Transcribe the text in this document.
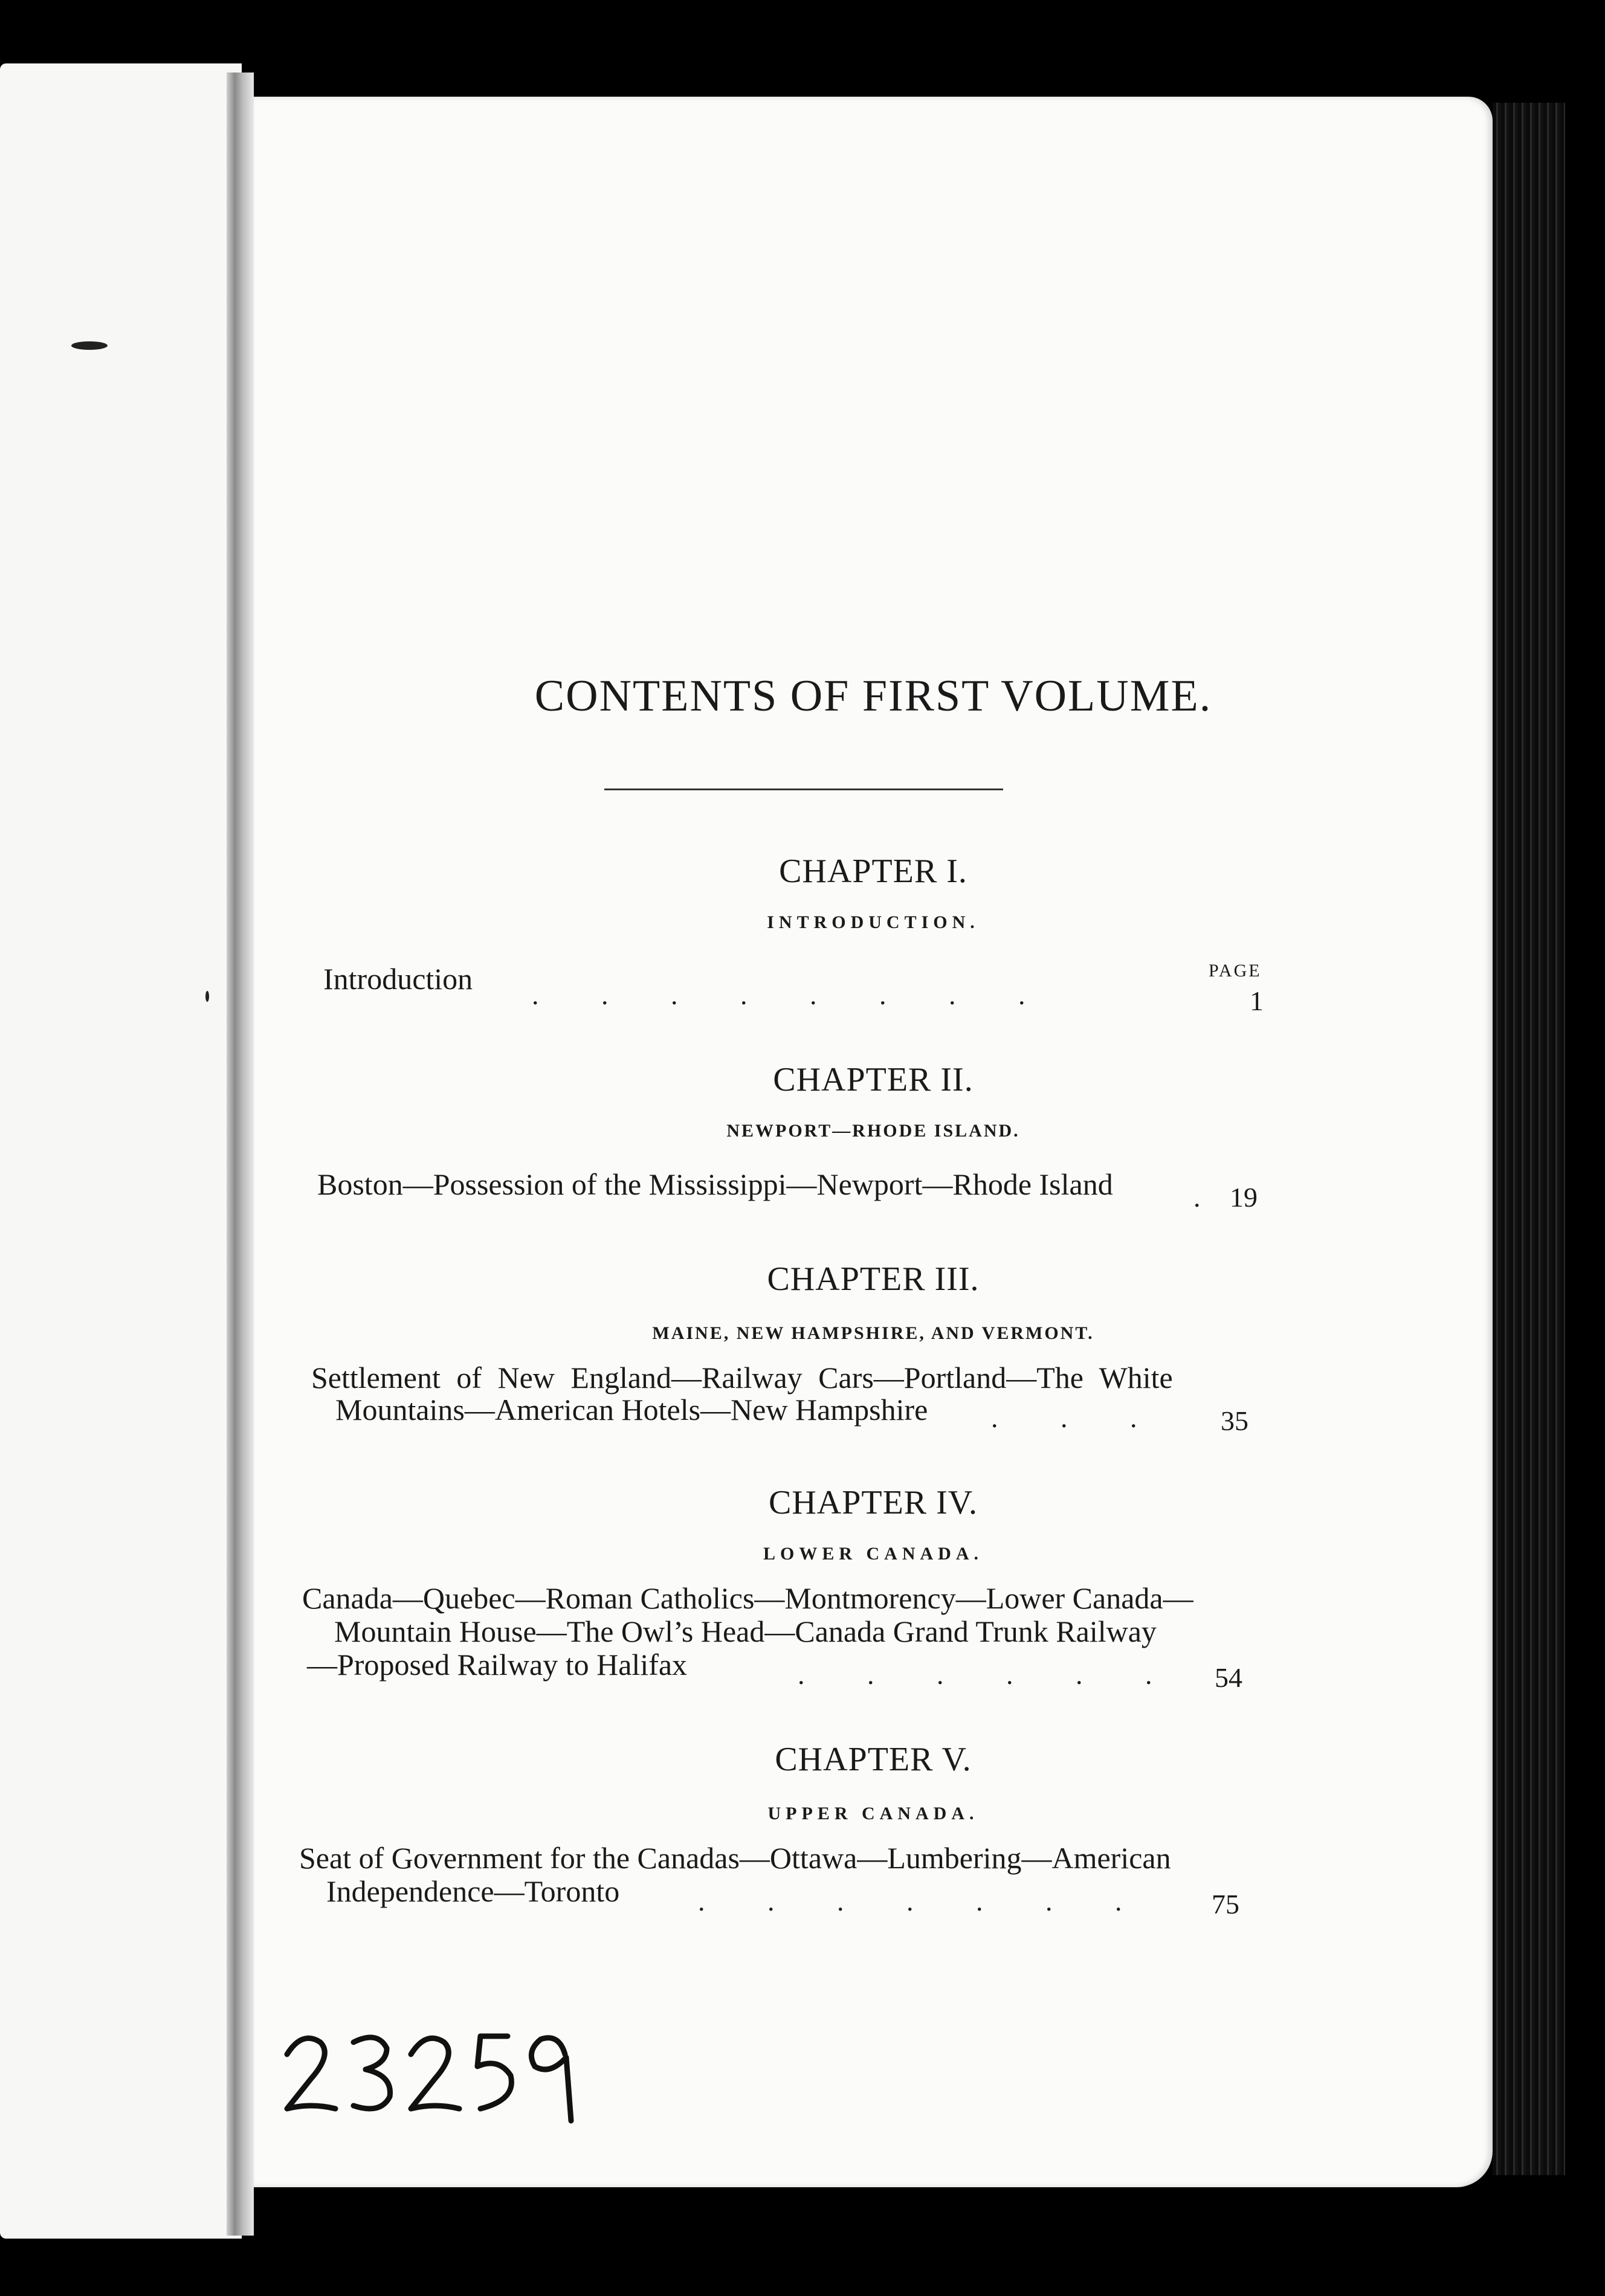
CONTENTS OF FIRST VOLUME.
PAGE
CHAPTER I.
INTRODUCTION.
Introduction .         .         .         .         .         .         .         .	1
CHAPTER II.
NEWPORT—RHODE ISLAND.
Boston—Possession of the Mississippi—Newport—Rhode Island	. 19
CHAPTER III.
MAINE, NEW HAMPSHIRE, AND VERMONT.
Settlement of New England—Railway Cars—Portland—The White
Mountains—American Hotels—New Hampshire .         .         .	35
CHAPTER IV.
LOWER CANADA.
Canada—Quebec—Roman Catholics—Montmorency—Lower Canada—
Mountain House—The Owl’s Head—Canada Grand Trunk Railway
—Proposed Railway to Halifax	.         .         .         .         .         . 54
CHAPTER V.
UPPER CANADA.
Seat of Government for the Canadas—Ottawa—Lumbering—American
Independence—Toronto	.         .         .         .         .         .         .	75
